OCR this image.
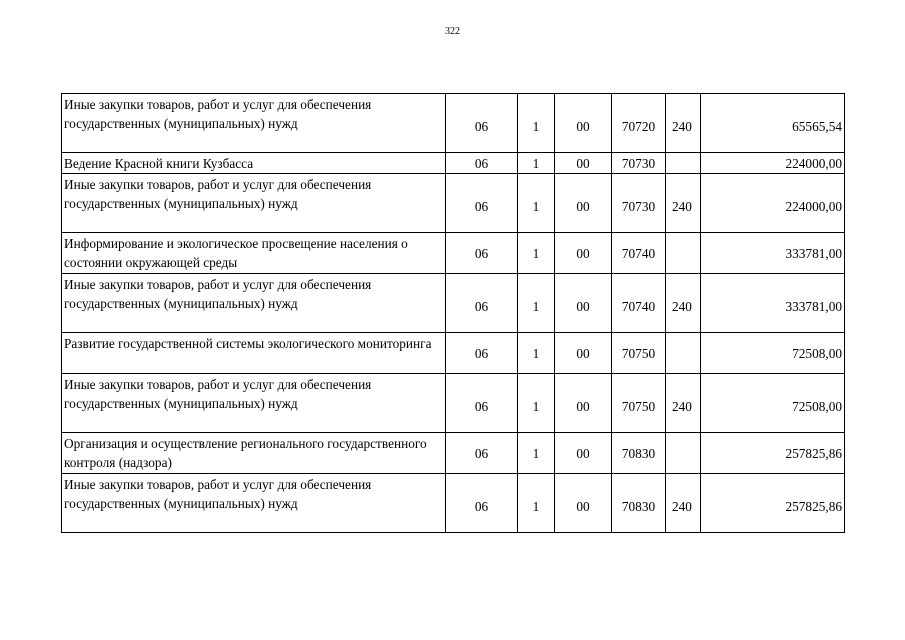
322
Иные закупки товаров, работ и услуг для обеспечения государственных (муниципальных) нужд	06	1	00	70720	240	65565,54
Ведение Красной книги Кузбасса	06	1	00	70730		224000,00
Иные закупки товаров, работ и услуг для обеспечения государственных (муниципальных) нужд	06	1	00	70730	240	224000,00
Информирование и экологическое просвещение населения о состоянии окружающей среды	06	1	00	70740		333781,00
Иные закупки товаров, работ и услуг для обеспечения государственных (муниципальных) нужд	06	1	00	70740	240	333781,00
Развитие государственной системы экологического мониторинга	06	1	00	70750		72508,00
Иные закупки товаров, работ и услуг для обеспечения государственных (муниципальных) нужд	06	1	00	70750	240	72508,00
Организация и осуществление регионального государственного контроля (надзора)	06	1	00	70830		257825,86
Иные закупки товаров, работ и услуг для обеспечения государственных (муниципальных) нужд	06	1	00	70830	240	257825,86
